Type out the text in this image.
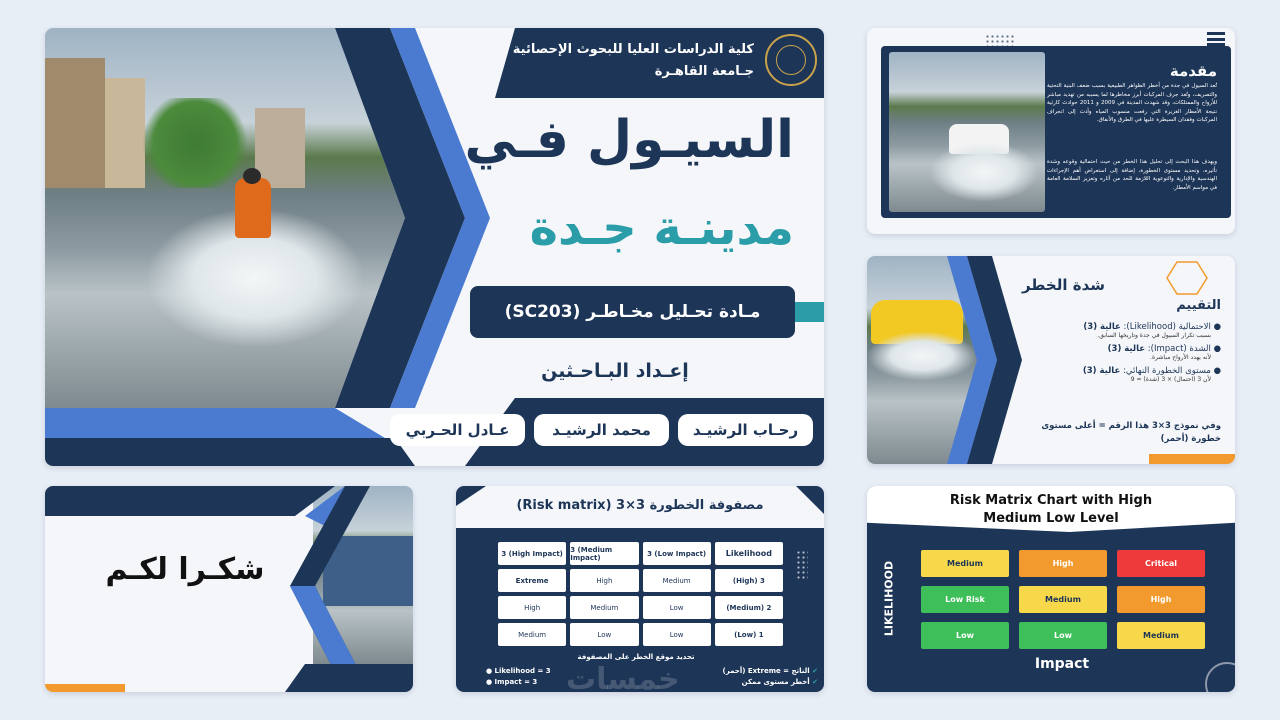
كلية الدراسات العليا للبحوث الإحصائية
جـامعة القاهـرة
السيـول فـي
مدينـة جـدة
مـادة تحـليل مخـاطـر (SC203)
إعـداد البـاحـثين
رحـاب الرشيـد
محمد الرشيـد
عـادل الحـربي
مقدمة
تُعد السيول في جدة من أخطر الظواهر الطبيعية بسبب ضعف البنية التحتية والتصريف، وتُعد جرف المركبات أبرز مخاطرها لما يسببه من تهديد مباشر للأرواح والممتلكات، وقد شهدت المدينة في 2009 و 2011 حوادث كارثية نتيجة الأمطار الغزيرة التي رفعت منسوب المياه وأدت إلى انجراف المركبات وفقدان السيطرة عليها في الطرق والأنفاق.
ويهدف هذا البحث إلى تحليل هذا الخطر من حيث احتمالية وقوعه وشدة تأثيره، وتحديد مستوى الخطورة، إضافة إلى استعراض أهم الإجراءات الهندسية والإدارية والتوعوية اللازمة للحد من آثاره وتعزيز السلامة العامة في مواسم الأمطار.
شدة الخطر
التقييم
● الاحتمالية (Likelihood): عالية (3)
بسبب تكرار السيول في جدة وتاريخها السابق.
● الشدة (Impact): عالية (3)
لأنه يهدد الأرواح مباشرة.
● مستوى الخطورة النهائي: عالية (3)
لأن 3 (احتمال) × 3 (شدة) = 9
وفي نموذج 3×3 هذا الرقم = أعلى مستوى خطورة (أحمر)
شكـرا لكـم
مصفوفة الخطورة 3×3 (Risk matrix)
3 (High Impact)	3 (Medium Impact)	3 (Low Impact)	Likelihood
Extreme	High	Medium	(High) 3
High	Medium	Low	(Medium) 2
Medium	Low	Low	(Low) 1
تحديد موقع الخطر على المصفوفة
● Likelihood = 3
● Impact = 3
✔ الناتج = Extreme (أحمر)
✔ أخطر مستوى ممكن
خمسات
Risk Matrix Chart with High Medium Low Level
LIKELIHOOD	Medium	High	Critical
Low Risk	Medium	High
Low	Low	Medium
Impact
